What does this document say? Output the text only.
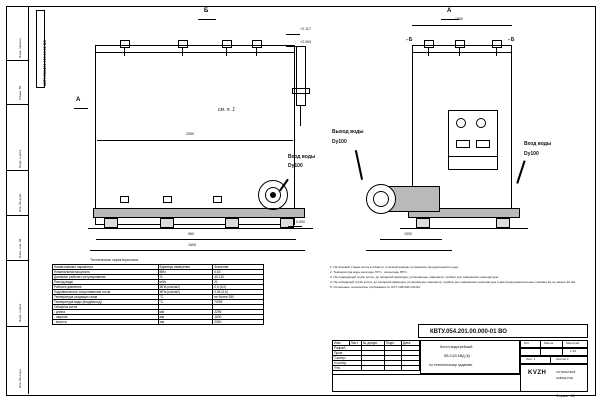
Перв. примен.
Справ. №
Подп. и дата
Инв. № дубл.
Взам. инв. №
Подп. и дата
Инв. № подл.
КВТУ.054.201.000.00-01 ВО
Б
+2.117
+2.000
0.000
см. п. 1
А
2050
960
1605
Вход воды
Dy100
Выход воды
Dy100
А
⌐Б	⌐Б
1260
1530
Вход воды
Dy100
Техническая характеристика
Наименование параметра	Единицы измерения	Значение
Номинальная мощность	МВт	0,63
Диапазон рабочего регулирования	%	40-110
Расход воды	м3/ч	21
Рабочее давление	МПа (кгс/см2)	0,6 (6,0)
Гидравлическое сопротивление котла	МПа (кгс/см2)	0,06 (0,6)
Температура уходящих газов	°С	не более 280
Температура воды (вход/выход)	°С	70/95
Габариты котла		
- длина	мм	2296
- ширина	мм	1630
- высота	мм	2050
1. На боковой стенке котла в области точечной камеры установлен продувочный штуцер.
2. Температура воды на входе 70°С., на выходе 95°С.
3. На подводящей трубе котла, до запорной арматуры установлены: манометр, прибор для измерения температуры.
4. На отводящей трубе котла, до запорной арматуры установлены: манометр, прибор для измерения температуры и два предохранительных клапана Dy не менее 40 мм.
5. Остальные технические требования по ОСТ 108.030.133-84.
КВТУ.054.201.00.000-01 ВО
Изм.	Лист	№ докум.	Подп.	Дата
Разраб.				
Пров.				
Т.контр.				
Н.контр.				
Утв.				
Котел водогрейный
КВ-0,63 КВД (К)
по техническому заданию
Лит.	Масса	Масштаб
1:15
Лист 1	Листов 2
KVZH	КОТЕЛЬНЫЙ
ЗАВОД РЭК
Формат  А3
